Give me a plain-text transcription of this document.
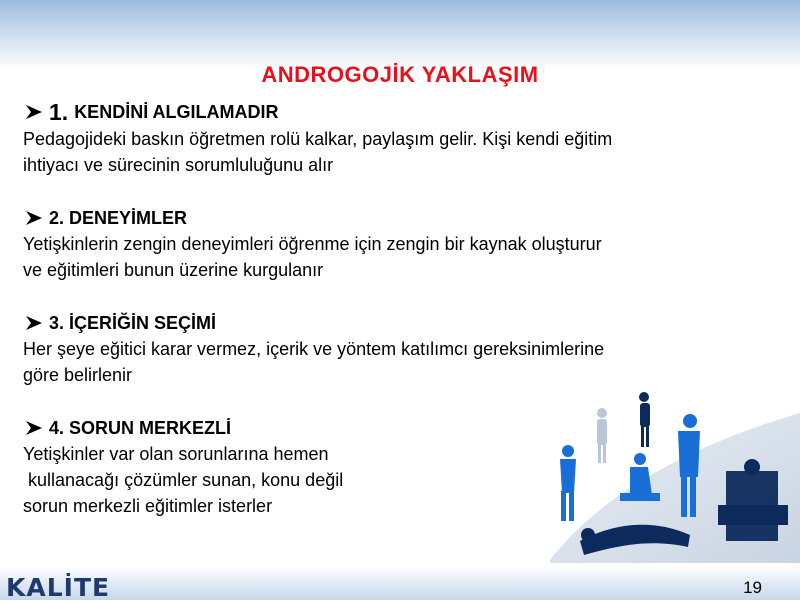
ANDROGOJİK YAKLAŞIM
1. KENDİNİ ALGILAMADIR
Pedagojideki baskın öğretmen rolü kalkar, paylaşım gelir. Kişi kendi eğitim
ihtiyacı ve sürecinin sorumluluğunu alır
2. DENEYİMLER
Yetişkinlerin zengin deneyimleri öğrenme için zengin bir kaynak oluşturur
ve eğitimleri bunun üzerine kurgulanır
3. İÇERİĞİN SEÇİMİ
Her şeye eğitici karar vermez, içerik ve yöntem katılımcı gereksinimlerine
göre belirlenir
4. SORUN MERKEZLİ
Yetişkinler var olan sorunlarına hemen
kullanacağı çözümler sunan, konu değil
sorun merkezli eğitimler isterler
KALİTE	19
